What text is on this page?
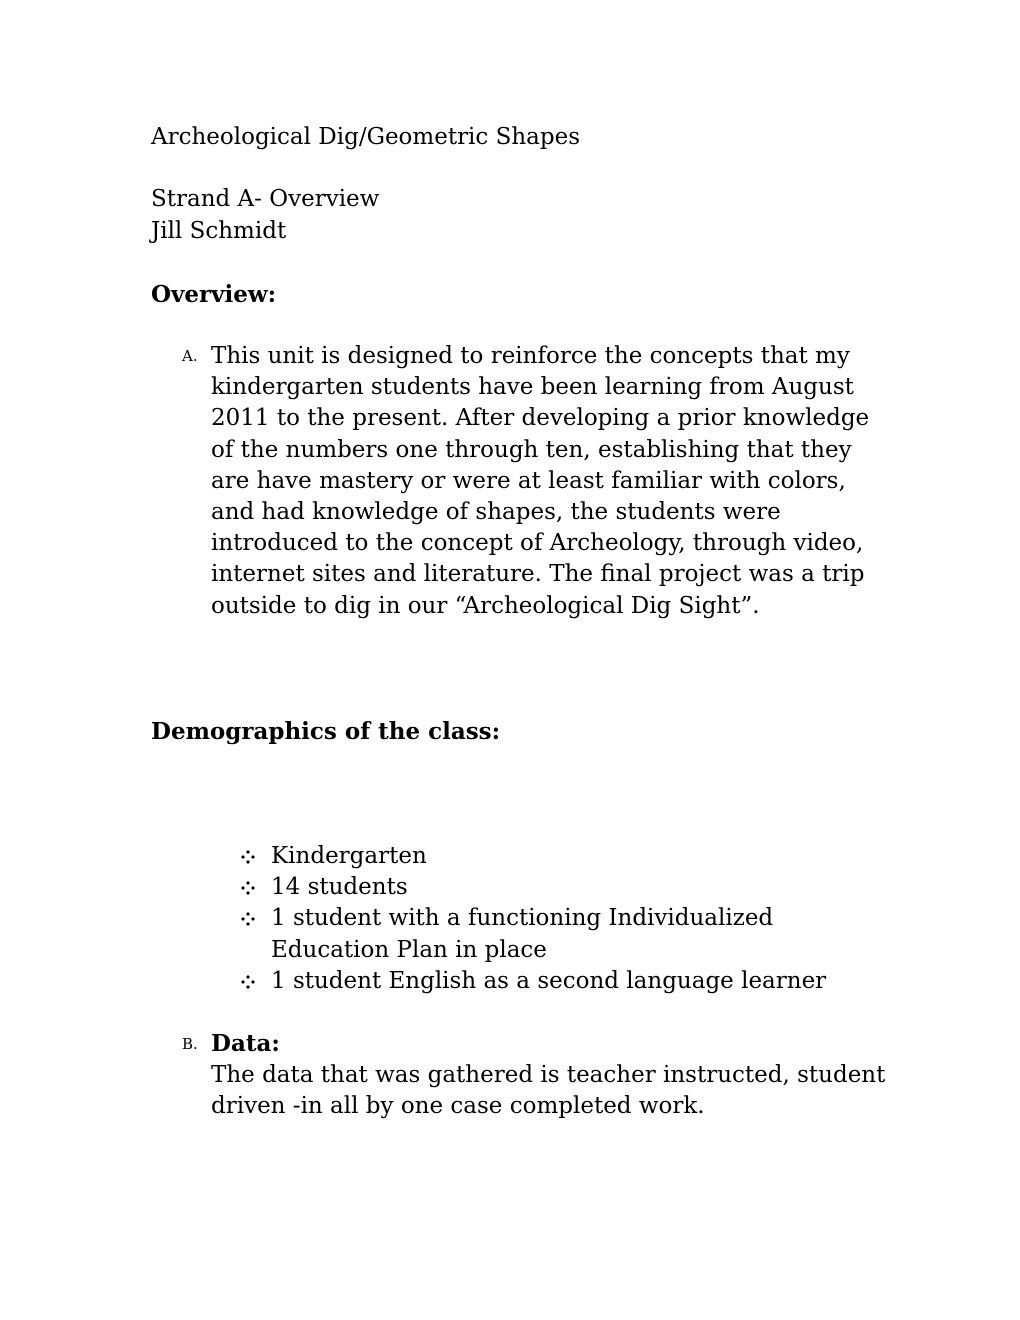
Archeological Dig/Geometric Shapes
Strand A- Overview
Jill Schmidt
Overview:
A. This unit is designed to reinforce the concepts that my
kindergarten students have been learning from August
2011 to the present. After developing a prior knowledge
of the numbers one through ten, establishing that they
are have mastery or were at least familiar with colors,
and had knowledge of shapes, the students were
introduced to the concept of Archeology, through video,
internet sites and literature. The final project was a trip
outside to dig in our “Archeological Dig Sight”.
Demographics of the class:
Kindergarten
14 students
1 student with a functioning Individualized Education Plan in place
1 student English as a second language learner
B. Data:
The data that was gathered is teacher instructed, student
driven -in all by one case completed work.
